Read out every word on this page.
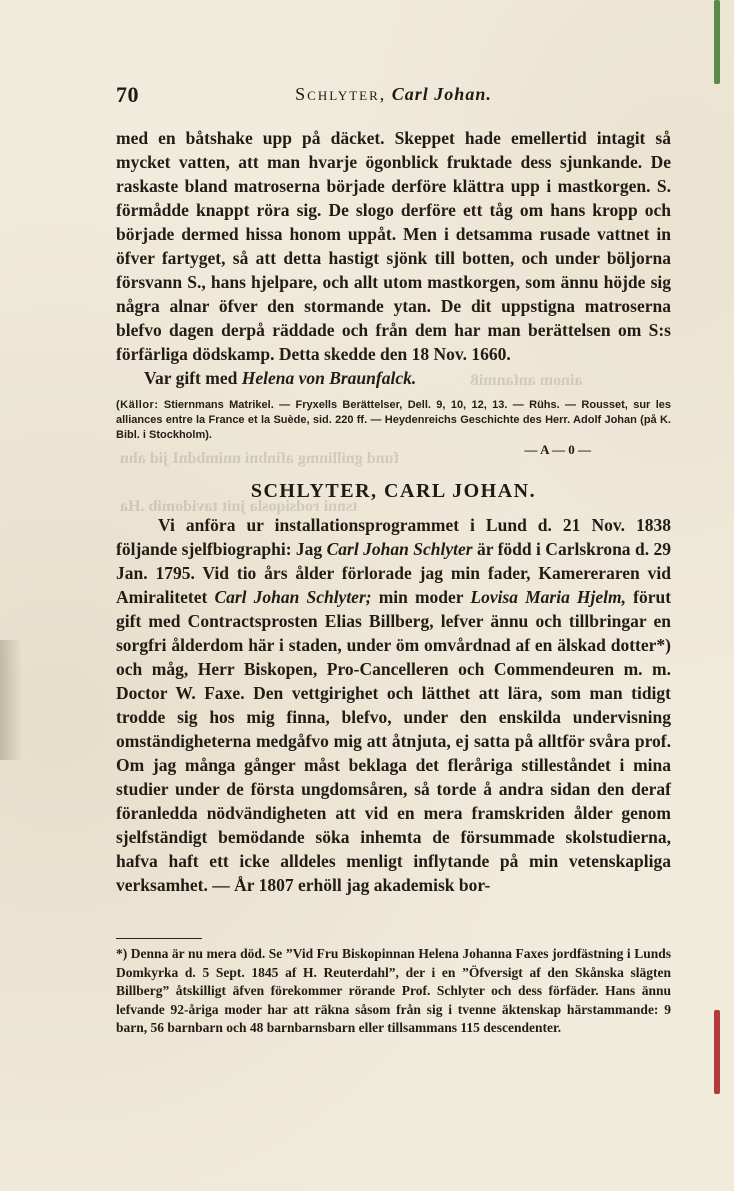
ainom anfanmiß
fund gnillinmg afinbni nnimbdnI jid ahn
tsnni rodsiqosla jnit tavidomib .Ha
70	Schlyter, Carl Johan.

med en båtshake upp på däcket. Skeppet hade emellertid intagit så mycket vatten, att man hvarje ögonblick fruktade dess sjunkande. De raskaste bland matroserna började derföre klättra upp i mastkorgen. S. förmådde knappt röra sig. De slogo derföre ett tåg om hans kropp och började dermed hissa honom uppåt. Men i detsamma rusade vattnet in öfver fartyget, så att detta hastigt sjönk till botten, och under böljorna försvann S., hans hjelpare, och allt utom mastkorgen, som ännu höjde sig några alnar öfver den stormande ytan. De dit uppstigna matroserna blefvo dagen derpå räddade och från dem har man berättelsen om S:s förfärliga dödskamp. Detta skedde den 18 Nov. 1660.

Var gift med Helena von Braunfalck.

(Källor: Stiernmans Matrikel. — Fryxells Berättelser, Dell. 9, 10, 12, 13. — Rühs. — Rousset, sur les alliances entre la France et la Suède, sid. 220 ff. — Heydenreichs Geschichte des Herr. Adolf Johan (på K. Bibl. i Stockholm).
— A — 0 —
SCHLYTER, CARL JOHAN.

Vi anföra ur installationsprogrammet i Lund d. 21 Nov. 1838 följande sjelfbiographi: Jag Carl Johan Schlyter är född i Carlskrona d. 29 Jan. 1795. Vid tio års ålder förlorade jag min fader, Kamereraren vid Amiralitetet Carl Johan Schlyter; min moder Lovisa Maria Hjelm, förut gift med Contractsprosten Elias Billberg, lefver ännu och tillbringar en sorgfri ålderdom här i staden, under öm omvårdnad af en älskad dotter*) och måg, Herr Biskopen, Pro-Cancelleren och Commendeuren m. m. Doctor W. Faxe. Den vettgirighet och lätthet att lära, som man tidigt trodde sig hos mig finna, blefvo, under den enskilda undervisning omständigheterna medgåfvo mig att åtnjuta, ej satta på alltför svåra prof. Om jag många gånger måst beklaga det fleråriga stilleståndet i mina studier under de första ungdomsåren, så torde å andra sidan den deraf föranledda nödvändigheten att vid en mera framskriden ålder genom sjelfständigt bemödande söka inhemta de försummade skolstudierna, hafva haft ett icke alldeles menligt inflytande på min vetenskapliga verksamhet. — År 1807 erhöll jag akademisk bor-

*) Denna är nu mera död. Se ”Vid Fru Biskopinnan Helena Johanna Faxes jordfästning i Lunds Domkyrka d. 5 Sept. 1845 af H. Reuterdahl”, der i en ”Öfversigt af den Skånska slägten Billberg” åtskilligt äfven förekommer rörande Prof. Schlyter och dess förfäder. Hans ännu lefvande 92-åriga moder har att räkna såsom från sig i tvenne äktenskap härstammande: 9 barn, 56 barnbarn och 48 barnbarnsbarn eller tillsammans 115 descendenter.
